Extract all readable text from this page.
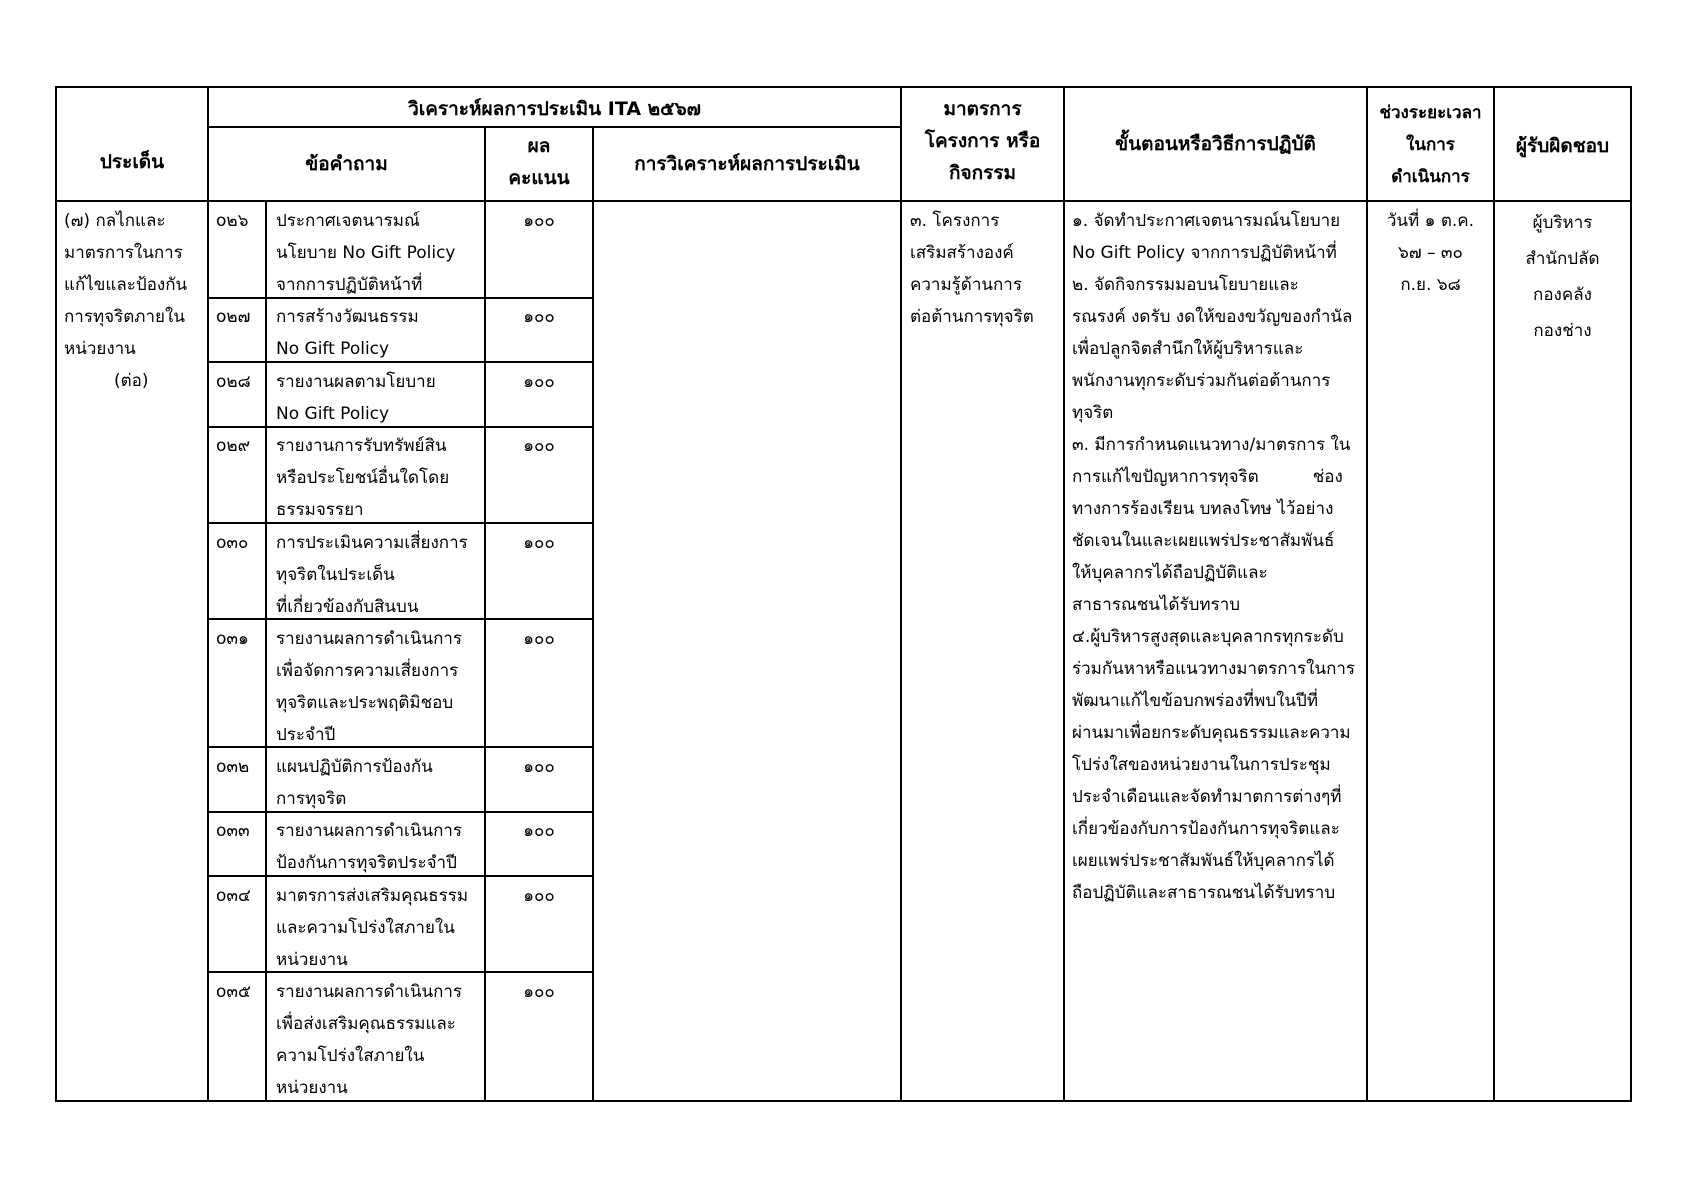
ประเด็น
วิเคราะห์ผลการประเมิน ITA ๒๕๖๗
ข้อคำถาม
ผล
คะแนน
การวิเคราะห์ผลการประเมิน
มาตรการ
โครงการ หรือ
กิจกรรม
ขั้นตอนหรือวิธีการปฏิบัติ
ช่วงระยะเวลา
ในการ
ดำเนินการ
ผู้รับผิดชอบ
(๗) กลไกและ
มาตรการในการ
แก้ไขและป้องกัน
การทุจริตภายใน
หน่วยงาน
(ต่อ)
o๒๖ ประกาศเจตนารมณ์
นโยบาย No Gift Policy
จากการปฏิบัติหน้าที่
๑๐๐
o๒๗ การสร้างวัฒนธรรม
No Gift Policy
๑๐๐
o๒๘ รายงานผลตามโยบาย
No Gift Policy
๑๐๐
o๒๙ รายงานการรับทรัพย์สิน
หรือประโยชน์อื่นใดโดย
ธรรมจรรยา
๑๐๐
o๓๐ การประเมินความเสี่ยงการ
ทุจริตในประเด็น
ที่เกี่ยวข้องกับสินบน
๑๐๐
o๓๑ รายงานผลการดำเนินการ
เพื่อจัดการความเสี่ยงการ
ทุจริตและประพฤติมิชอบ
ประจำปี
๑๐๐
o๓๒ แผนปฏิบัติการป้องกัน
การทุจริต
๑๐๐
o๓๓ รายงานผลการดำเนินการ
ป้องกันการทุจริตประจำปี
๑๐๐
o๓๔ มาตรการส่งเสริมคุณธรรม
และความโปร่งใสภายใน
หน่วยงาน
๑๐๐
o๓๕ รายงานผลการดำเนินการ
เพื่อส่งเสริมคุณธรรมและ
ความโปร่งใสภายใน
หน่วยงาน
๑๐๐
๓. โครงการ
เสริมสร้างองค์
ความรู้ด้านการ
ต่อต้านการทุจริต
๑. จัดทำประกาศเจตนารมณ์นโยบาย
No Gift Policy จากการปฏิบัติหน้าที่
๒. จัดกิจกรรมมอบนโยบายและ
รณรงค์ งดรับ งดให้ของขวัญของกำนัล
เพื่อปลูกจิตสำนึกให้ผู้บริหารและ
พนักงานทุกระดับร่วมกันต่อต้านการ
ทุจริต
๓. มีการกำหนดแนวทาง/มาตรการ ใน
การแก้ไขปัญหาการทุจริต          ช่อง
ทางการร้องเรียน บทลงโทษ ไว้อย่าง
ชัดเจนในและเผยแพร่ประชาสัมพันธ์
ให้บุคลากรได้ถือปฏิบัติและ
สาธารณชนได้รับทราบ
๔.ผู้บริหารสูงสุดและบุคลากรทุกระดับ
ร่วมกันหาหรือแนวทางมาตรการในการ
พัฒนาแก้ไขข้อบกพร่องที่พบในปีที่
ผ่านมาเพื่อยกระดับคุณธรรมและความ
โปร่งใสของหน่วยงานในการประชุม
ประจำเดือนและจัดทำมาตการต่างๆที่
เกี่ยวข้องกับการป้องกันการทุจริตและ
เผยแพร่ประชาสัมพันธ์ให้บุคลากรได้
ถือปฏิบัติและสาธารณชนได้รับทราบ
วันที่ ๑ ต.ค.
๖๗ – ๓๐
ก.ย. ๖๘
ผู้บริหาร
สำนักปลัด
กองคลัง
กองช่าง
